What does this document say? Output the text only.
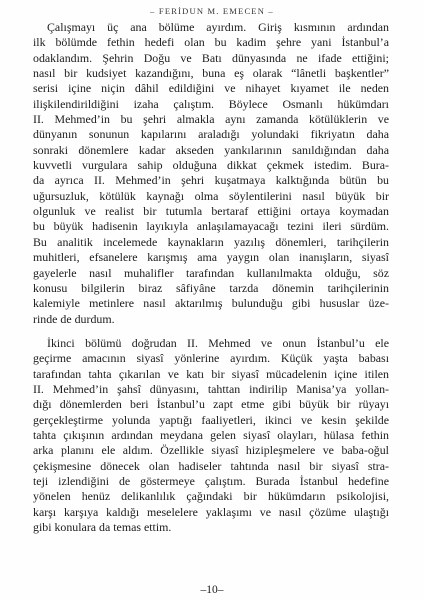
– FERİDUN M. EMECEN –

Çalışmayı üç ana bölüme ayırdım. Giriş kısmının ardından
ilk bölümde fethin hedefi olan bu kadim şehre yani İstanbul’a
odaklandım. Şehrin Doğu ve Batı dünyasında ne ifade ettiğini;
nasıl bir kudsiyet kazandığını, buna eş olarak “lânetli başkentler”
serisi içine niçin dâhil edildiğini ve nihayet kıyamet ile neden
ilişkilendirildiğini izaha çalıştım. Böylece Osmanlı hükümdarı
II. Mehmed’in bu şehri almakla aynı zamanda kötülüklerin ve
dünyanın sonunun kapılarını araladığı yolundaki fikriyatın daha
sonraki dönemlere kadar akseden yankılarının sanıldığından daha
kuvvetli vurgulara sahip olduğuna dikkat çekmek istedim. Bura-
da ayrıca II. Mehmed’in şehri kuşatmaya kalktığında bütün bu
uğursuzluk, kötülük kaynağı olma söylentilerini nasıl büyük bir
olgunluk ve realist bir tutumla bertaraf ettiğini ortaya koymadan
bu büyük hadisenin layıkıyla anlaşılamayacağı tezini ileri sürdüm.
Bu analitik incelemede kaynakların yazılış dönemleri, tarihçilerin
muhitleri, efsanelere karışmış ama yaygın olan inanışların, siyasî
gayelerle nasıl muhalifler tarafından kullanılmakta olduğu, söz
konusu bilgilerin biraz sâfiyâne tarzda dönemin tarihçilerinin
kalemiyle metinlere nasıl aktarılmış bulunduğu gibi hususlar üze-
rinde de durdum.

İkinci bölümü doğrudan II. Mehmed ve onun İstanbul’u ele
geçirme amacının siyasî yönlerine ayırdım. Küçük yaşta babası
tarafından tahta çıkarılan ve katı bir siyasî mücadelenin içine itilen
II. Mehmed’in şahsî dünyasını, tahttan indirilip Manisa’ya yollan-
dığı dönemlerden beri İstanbul’u zapt etme gibi büyük bir rüyayı
gerçekleştirme yolunda yaptığı faaliyetleri, ikinci ve kesin şekilde
tahta çıkışının ardından meydana gelen siyasî olayları, hülasa fethin
arka planını ele aldım. Özellikle siyasî hizipleşmelere ve baba-oğul
çekişmesine dönecek olan hadiseler tahtında nasıl bir siyasî stra-
teji izlendiğini de göstermeye çalıştım. Burada İstanbul hedefine
yönelen henüz delikanlılık çağındaki bir hükümdarın psikolojisi,
karşı karşıya kaldığı meselelere yaklaşımı ve nasıl çözüme ulaştığı
gibi konulara da temas ettim.

–10–
